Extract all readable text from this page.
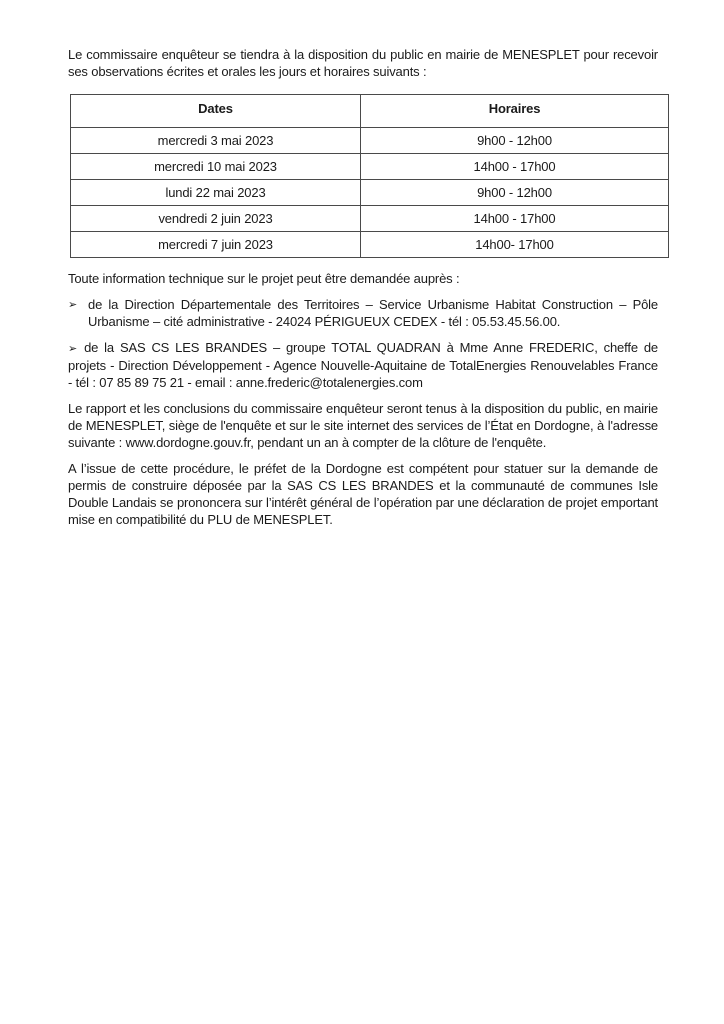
Le commissaire enquêteur se tiendra à la disposition du public en mairie de MENESPLET pour recevoir ses observations écrites et orales les jours et horaires suivants :

Dates	Horaires
mercredi 3 mai 2023	9h00 - 12h00
mercredi 10 mai 2023	14h00 - 17h00
lundi 22 mai 2023	9h00 - 12h00
vendredi 2 juin 2023	14h00 - 17h00
mercredi 7 juin 2023	14h00- 17h00

Toute information technique sur le projet peut être demandée auprès :

➢ de la Direction Départementale des Territoires – Service Urbanisme Habitat Construction – Pôle Urbanisme – cité administrative - 24024 PÉRIGUEUX CEDEX - tél : 05.53.45.56.00.
➢ de la SAS CS LES BRANDES – groupe TOTAL QUADRAN à Mme Anne FREDERIC, cheffe de projets - Direction Développement - Agence Nouvelle-Aquitaine de TotalEnergies Renouvelables France - tél : 07 85 89 75 21 - email : anne.frederic@totalenergies.com

Le rapport et les conclusions du commissaire enquêteur seront tenus à la disposition du public, en mairie de MENESPLET, siège de l'enquête et sur le site internet des services de l’État en Dordogne, à l'adresse suivante : www.dordogne.gouv.fr, pendant un an à compter de la clôture de l'enquête.

A l’issue de cette procédure, le préfet de la Dordogne est compétent pour statuer sur la demande de permis de construire déposée par la SAS CS LES BRANDES et la communauté de communes Isle Double Landais se prononcera sur l’intérêt général de l’opération par une déclaration de projet emportant mise en compatibilité du PLU de MENESPLET.
